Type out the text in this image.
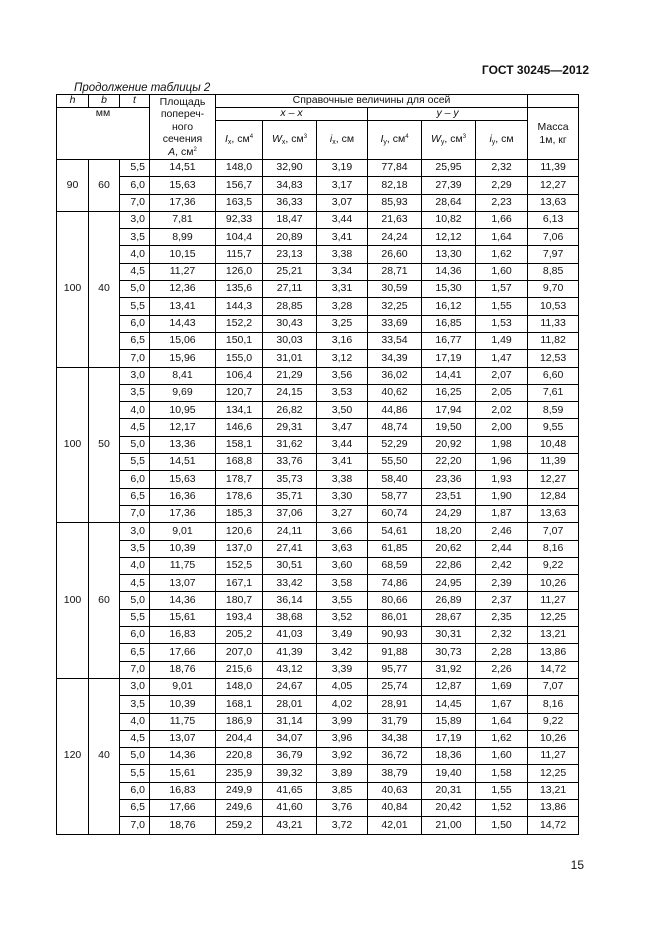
ГОСТ 30245—2012
Продолжение таблицы 2
h	b	t	Площадь
попереч-
ного
сечения
A, $см^2$	Справочные величины для осей						
мм				x – x			y – y			Масса
1м, кг
				$I_x$, $см^4$	$W_x$, $см^3$	$i_x$, см	$I_y$, $см^4$	$W_y$, $см^3$	$i_y$, см	

90	60	5,5	14,51	148,0	32,90	3,19	77,84	25,95	2,32	11,39
		6,0	15,63	156,7	34,83	3,17	82,18	27,39	2,29	12,27
		7,0	17,36	163,5	36,33	3,07	85,93	28,64	2,23	13,63
100	40	3,0	7,81	92,33	18,47	3,44	21,63	10,82	1,66	6,13
		3,5	8,99	104,4	20,89	3,41	24,24	12,12	1,64	7,06
		4,0	10,15	115,7	23,13	3,38	26,60	13,30	1,62	7,97
		4,5	11,27	126,0	25,21	3,34	28,71	14,36	1,60	8,85
		5,0	12,36	135,6	27,11	3,31	30,59	15,30	1,57	9,70
		5,5	13,41	144,3	28,85	3,28	32,25	16,12	1,55	10,53
		6,0	14,43	152,2	30,43	3,25	33,69	16,85	1,53	11,33
		6,5	15,06	150,1	30,03	3,16	33,54	16,77	1,49	11,82
		7,0	15,96	155,0	31,01	3,12	34,39	17,19	1,47	12,53
100	50	3,0	8,41	106,4	21,29	3,56	36,02	14,41	2,07	6,60
		3,5	9,69	120,7	24,15	3,53	40,62	16,25	2,05	7,61
		4,0	10,95	134,1	26,82	3,50	44,86	17,94	2,02	8,59
		4,5	12,17	146,6	29,31	3,47	48,74	19,50	2,00	9,55
		5,0	13,36	158,1	31,62	3,44	52,29	20,92	1,98	10,48
		5,5	14,51	168,8	33,76	3,41	55,50	22,20	1,96	11,39
		6,0	15,63	178,7	35,73	3,38	58,40	23,36	1,93	12,27
		6,5	16,36	178,6	35,71	3,30	58,77	23,51	1,90	12,84
		7,0	17,36	185,3	37,06	3,27	60,74	24,29	1,87	13,63
100	60	3,0	9,01	120,6	24,11	3,66	54,61	18,20	2,46	7,07
		3,5	10,39	137,0	27,41	3,63	61,85	20,62	2,44	8,16
		4,0	11,75	152,5	30,51	3,60	68,59	22,86	2,42	9,22
		4,5	13,07	167,1	33,42	3,58	74,86	24,95	2,39	10,26
		5,0	14,36	180,7	36,14	3,55	80,66	26,89	2,37	11,27
		5,5	15,61	193,4	38,68	3,52	86,01	28,67	2,35	12,25
		6,0	16,83	205,2	41,03	3,49	90,93	30,31	2,32	13,21
		6,5	17,66	207,0	41,39	3,42	91,88	30,73	2,28	13,86
		7,0	18,76	215,6	43,12	3,39	95,77	31,92	2,26	14,72
120	40	3,0	9,01	148,0	24,67	4,05	25,74	12,87	1,69	7,07
		3,5	10,39	168,1	28,01	4,02	28,91	14,45	1,67	8,16
		4,0	11,75	186,9	31,14	3,99	31,79	15,89	1,64	9,22
		4,5	13,07	204,4	34,07	3,96	34,38	17,19	1,62	10,26
		5,0	14,36	220,8	36,79	3,92	36,72	18,36	1,60	11,27
		5,5	15,61	235,9	39,32	3,89	38,79	19,40	1,58	12,25
		6,0	16,83	249,9	41,65	3,85	40,63	20,31	1,55	13,21
		6,5	17,66	249,6	41,60	3,76	40,84	20,42	1,52	13,86
		7,0	18,76	259,2	43,21	3,72	42,01	21,00	1,50	14,72
15
